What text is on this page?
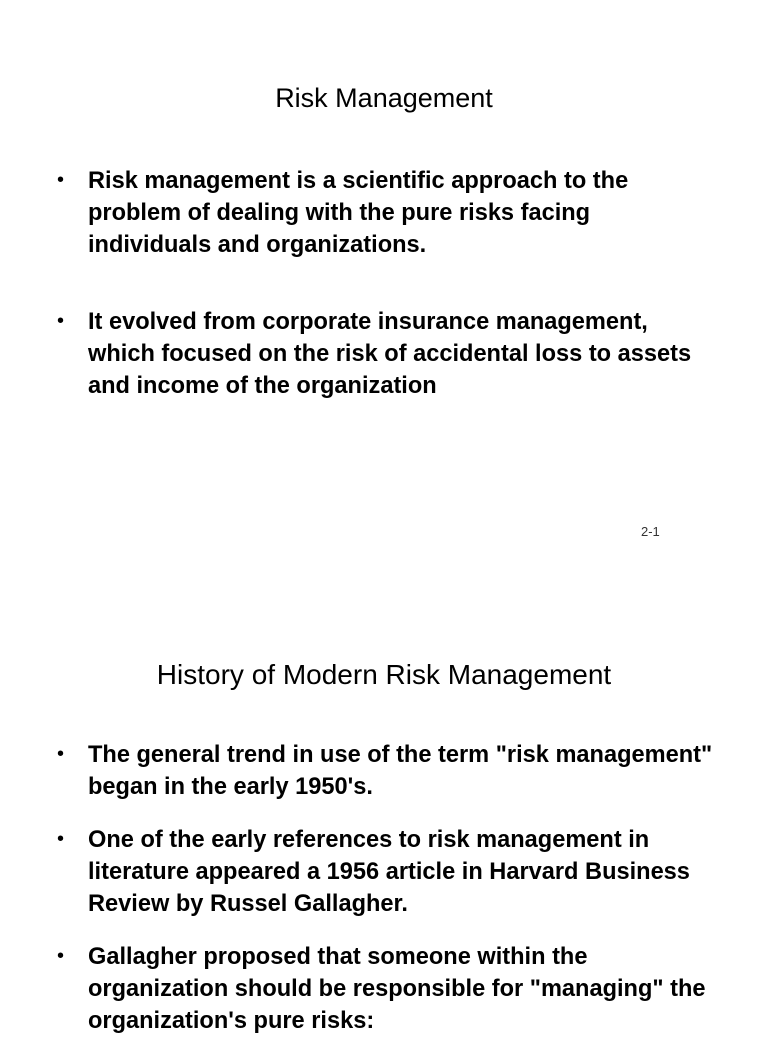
Risk Management
•	Risk management is a scientific approach to the problem of dealing with the pure risks facing individuals and organizations.
•	It evolved from corporate insurance management, which focused on the risk of accidental loss to assets and income of the organization
2-1
History of Modern Risk Management
•	The general trend in use of the term "risk management" began in the early 1950's.
•	One of the early references to risk management in literature appeared a 1956 article in Harvard Business Review by Russel Gallagher.
•	Gallagher proposed that someone within the organization should be responsible for "managing" the organization's pure risks:
